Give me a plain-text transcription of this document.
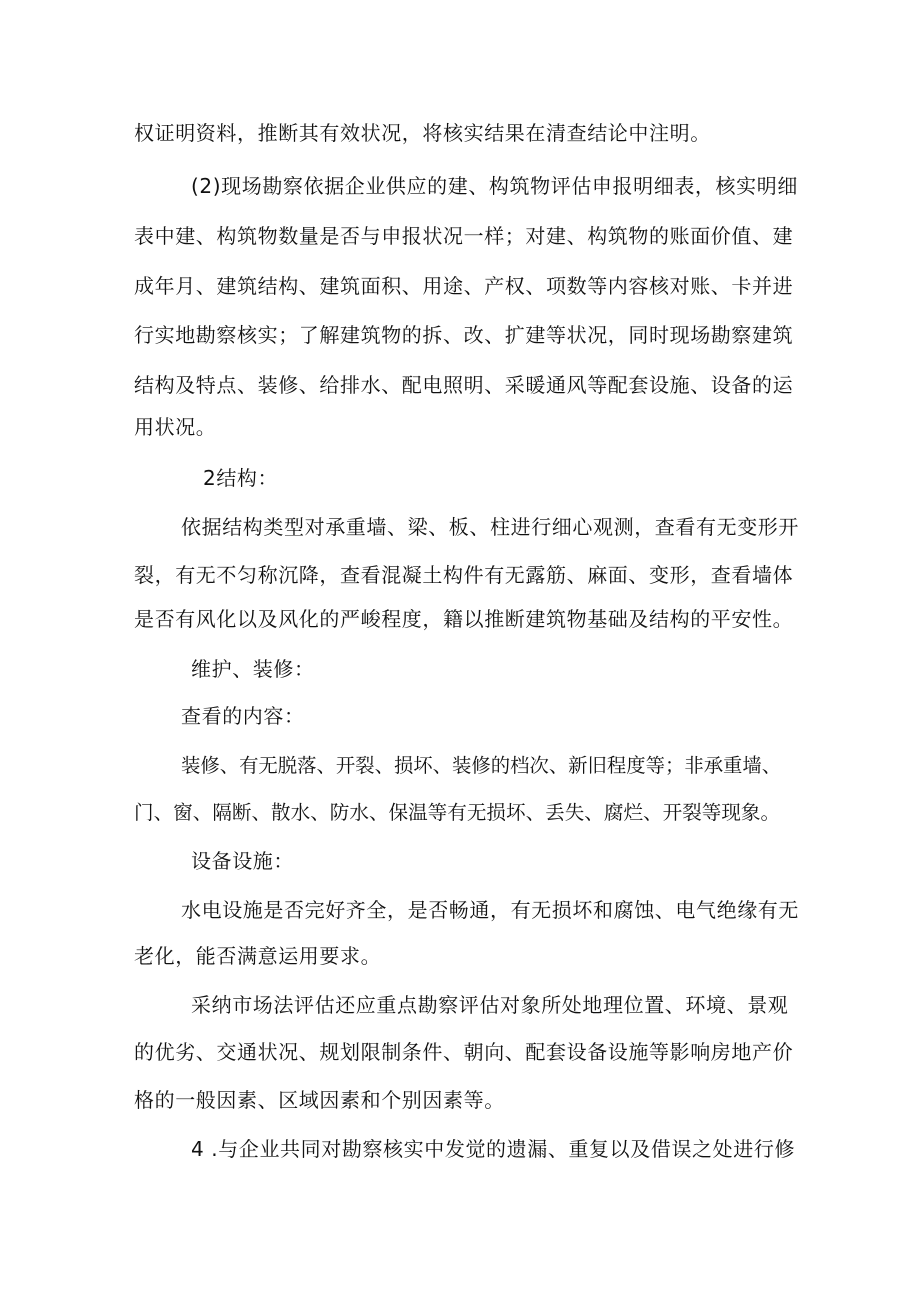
权证明资料，推断其有效状况，将核实结果在清查结论中注明。
(2)现场勘察依据企业供应的建、构筑物评估申报明细表，核实明细
表中建、构筑物数量是否与申报状况一样；对建、构筑物的账面价值、建
成年月、建筑结构、建筑面积、用途、产权、项数等内容核对账、卡并进
行实地勘察核实；了解建筑物的拆、改、扩建等状况，同时现场勘察建筑
结构及特点、装修、给排水、配电照明、采暖通风等配套设施、设备的运
用状况。
2结构：
依据结构类型对承重墙、梁、板、柱进行细心观测，查看有无变形开
裂，有无不匀称沉降，查看混凝土构件有无露筋、麻面、变形，查看墙体
是否有风化以及风化的严峻程度，籍以推断建筑物基础及结构的平安性。
维护、装修：
查看的内容：
装修、有无脱落、开裂、损坏、装修的档次、新旧程度等；非承重墙、
门、窗、隔断、散水、防水、保温等有无损坏、丢失、腐烂、开裂等现象。
设备设施：
水电设施是否完好齐全，是否畅通，有无损坏和腐蚀、电气绝缘有无
老化，能否满意运用要求。
采纳市场法评估还应重点勘察评估对象所处地理位置、环境、景观
的优劣、交通状况、规划限制条件、朝向、配套设备设施等影响房地产价
格的一般因素、区域因素和个别因素等。
4 .与企业共同对勘察核实中发觉的遗漏、重复以及借误之处进行修
